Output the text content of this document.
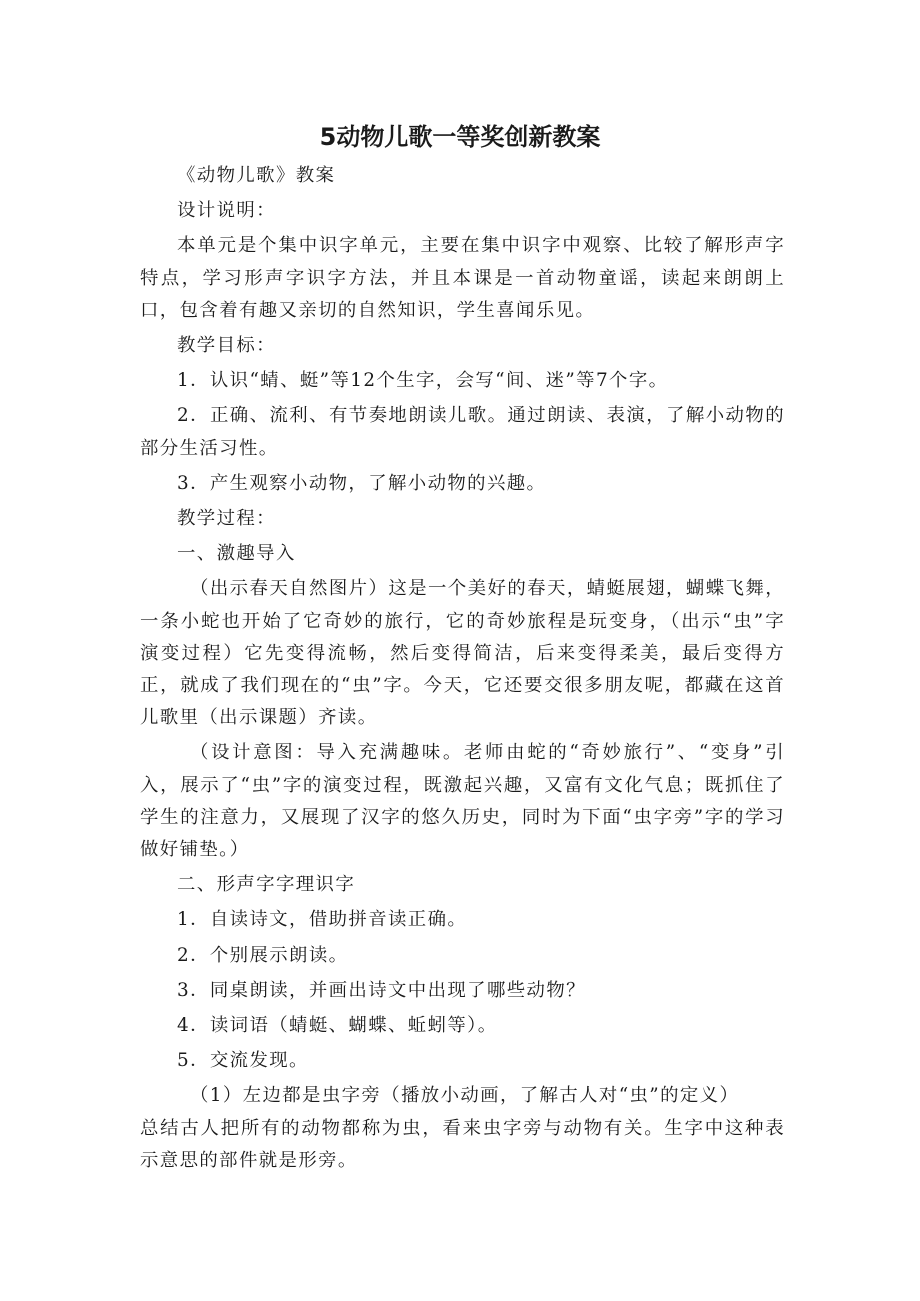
5动物儿歌一等奖创新教案

《动物儿歌》教案

设计说明：

本单元是个集中识字单元，主要在集中识字中观察、比较了解形声字特点，学习形声字识字方法，并且本课是一首动物童谣，读起来朗朗上口，包含着有趣又亲切的自然知识，学生喜闻乐见。

教学目标：

1．认识“蜻、蜓”等12个生字，会写“间、迷”等7个字。

2．正确、流利、有节奏地朗读儿歌。通过朗读、表演，了解小动物的部分生活习性。

3．产生观察小动物，了解小动物的兴趣。

教学过程：

一、激趣导入

（出示春天自然图片）这是一个美好的春天，蜻蜓展翅，蝴蝶飞舞，一条小蛇也开始了它奇妙的旅行，它的奇妙旅程是玩变身，（出示“虫”字演变过程）它先变得流畅，然后变得简洁，后来变得柔美，最后变得方正，就成了我们现在的“虫”字。今天，它还要交很多朋友呢，都藏在这首儿歌里（出示课题）齐读。

（设计意图：导入充满趣味。老师由蛇的“奇妙旅行”、“变身”引入，展示了“虫”字的演变过程，既激起兴趣，又富有文化气息；既抓住了学生的注意力，又展现了汉字的悠久历史，同时为下面“虫字旁”字的学习做好铺垫。）

二、形声字字理识字

1．自读诗文，借助拼音读正确。

2．个别展示朗读。

3．同桌朗读，并画出诗文中出现了哪些动物？

4．读词语（蜻蜓、蝴蝶、蚯蚓等）。

5．交流发现。

（1）左边都是虫字旁（播放小动画，了解古人对“虫”的定义）

总结古人把所有的动物都称为虫，看来虫字旁与动物有关。生字中这种表示意思的部件就是形旁。
